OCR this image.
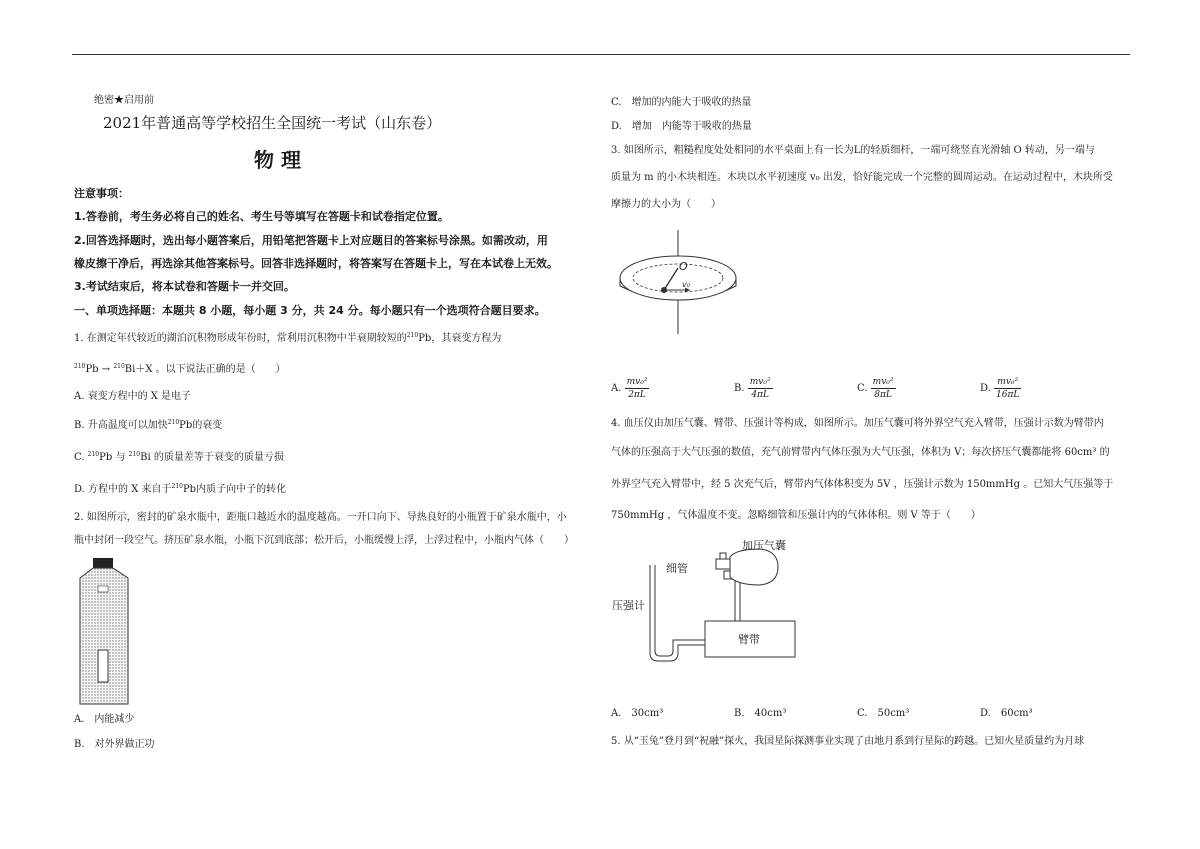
绝密★启用前
2021年普通高等学校招生全国统一考试（山东卷）
物 理
注意事项：
1.答卷前，考生务必将自己的姓名、考生号等填写在答题卡和试卷指定位置。
2.回答选择题时，选出每小题答案后，用铅笔把答题卡上对应题目的答案标号涂黑。如需改动，用
橡皮擦干净后，再选涂其他答案标号。回答非选择题时，将答案写在答题卡上，写在本试卷上无效。
3.考试结束后，将本试卷和答题卡一并交回。
一、单项选择题：本题共 8 小题，每小题 3 分，共 24 分。每小题只有一个选项符合题目要求。
1. 在测定年代较近的湖泊沉积物形成年份时，常利用沉积物中半衰期较短的$^{210}$Pb，其衰变方程为
$^{210}$Pb → $^{210}$Bi＋X 。以下说法正确的是（　　）
A. 衰变方程中的 X 是电子
B. 升高温度可以加快$^{210}$Pb的衰变
C. $^{210}$Pb 与 $^{210}$Bi 的质量差等于衰变的质量亏损
D. 方程中的 X 来自于$^{210}$Pb内质子向中子的转化
2. 如图所示，密封的矿泉水瓶中，距瓶口越近水的温度越高。一开口向下、导热良好的小瓶置于矿泉水瓶中，小
瓶中封闭一段空气。挤压矿泉水瓶，小瓶下沉到底部；松开后，小瓶缓慢上浮，上浮过程中，小瓶内气体（　　）
A.　内能减少
B.　对外界做正功
C.　增加的内能大于吸收的热量
D.　增加　内能等于吸收的热量
3. 如图所示，粗糙程度处处相同的水平桌面上有一长为L的轻质细杆，一端可绕竖直光滑轴 O 转动，另一端与
质量为 m 的小木块相连。木块以水平初速度 v₀ 出发，恰好能完成一个完整的圆周运动。在运动过程中，木块所受
摩擦力的大小为（　　）
O
v₀
A. $\frac{\text{mv₀²}}{2\pi L}$	B. $\frac{\text{mv₀²}}{4\pi L}$	C. $\frac{\text{mv₀²}}{8\pi L}$	D. $\frac{\text{mv₀²}}{16\pi L}$
4. 血压仪由加压气囊、臂带、压强计等构成，如图所示。加压气囊可将外界空气充入臂带，压强计示数为臂带内
气体的压强高于大气压强的数值，充气前臂带内气体压强为大气压强，体积为 V；每次挤压气囊都能将 60cm³ 的
外界空气充入臂带中，经 5 次充气后，臂带内气体体积变为 5V ，压强计示数为 150mmHg 。已知大气压强等于
750mmHg ，气体温度不变。忽略细管和压强计内的气体体积。则 V 等于（　　）
加压气囊
细管
压强计
臂带
A.　30cm³	B.　40cm³	C.　50cm³	D.　60cm³
5. 从“玉兔”登月到“祝融”探火，我国星际探测事业实现了由地月系到行星际的跨越。已知火星质量约为月球
